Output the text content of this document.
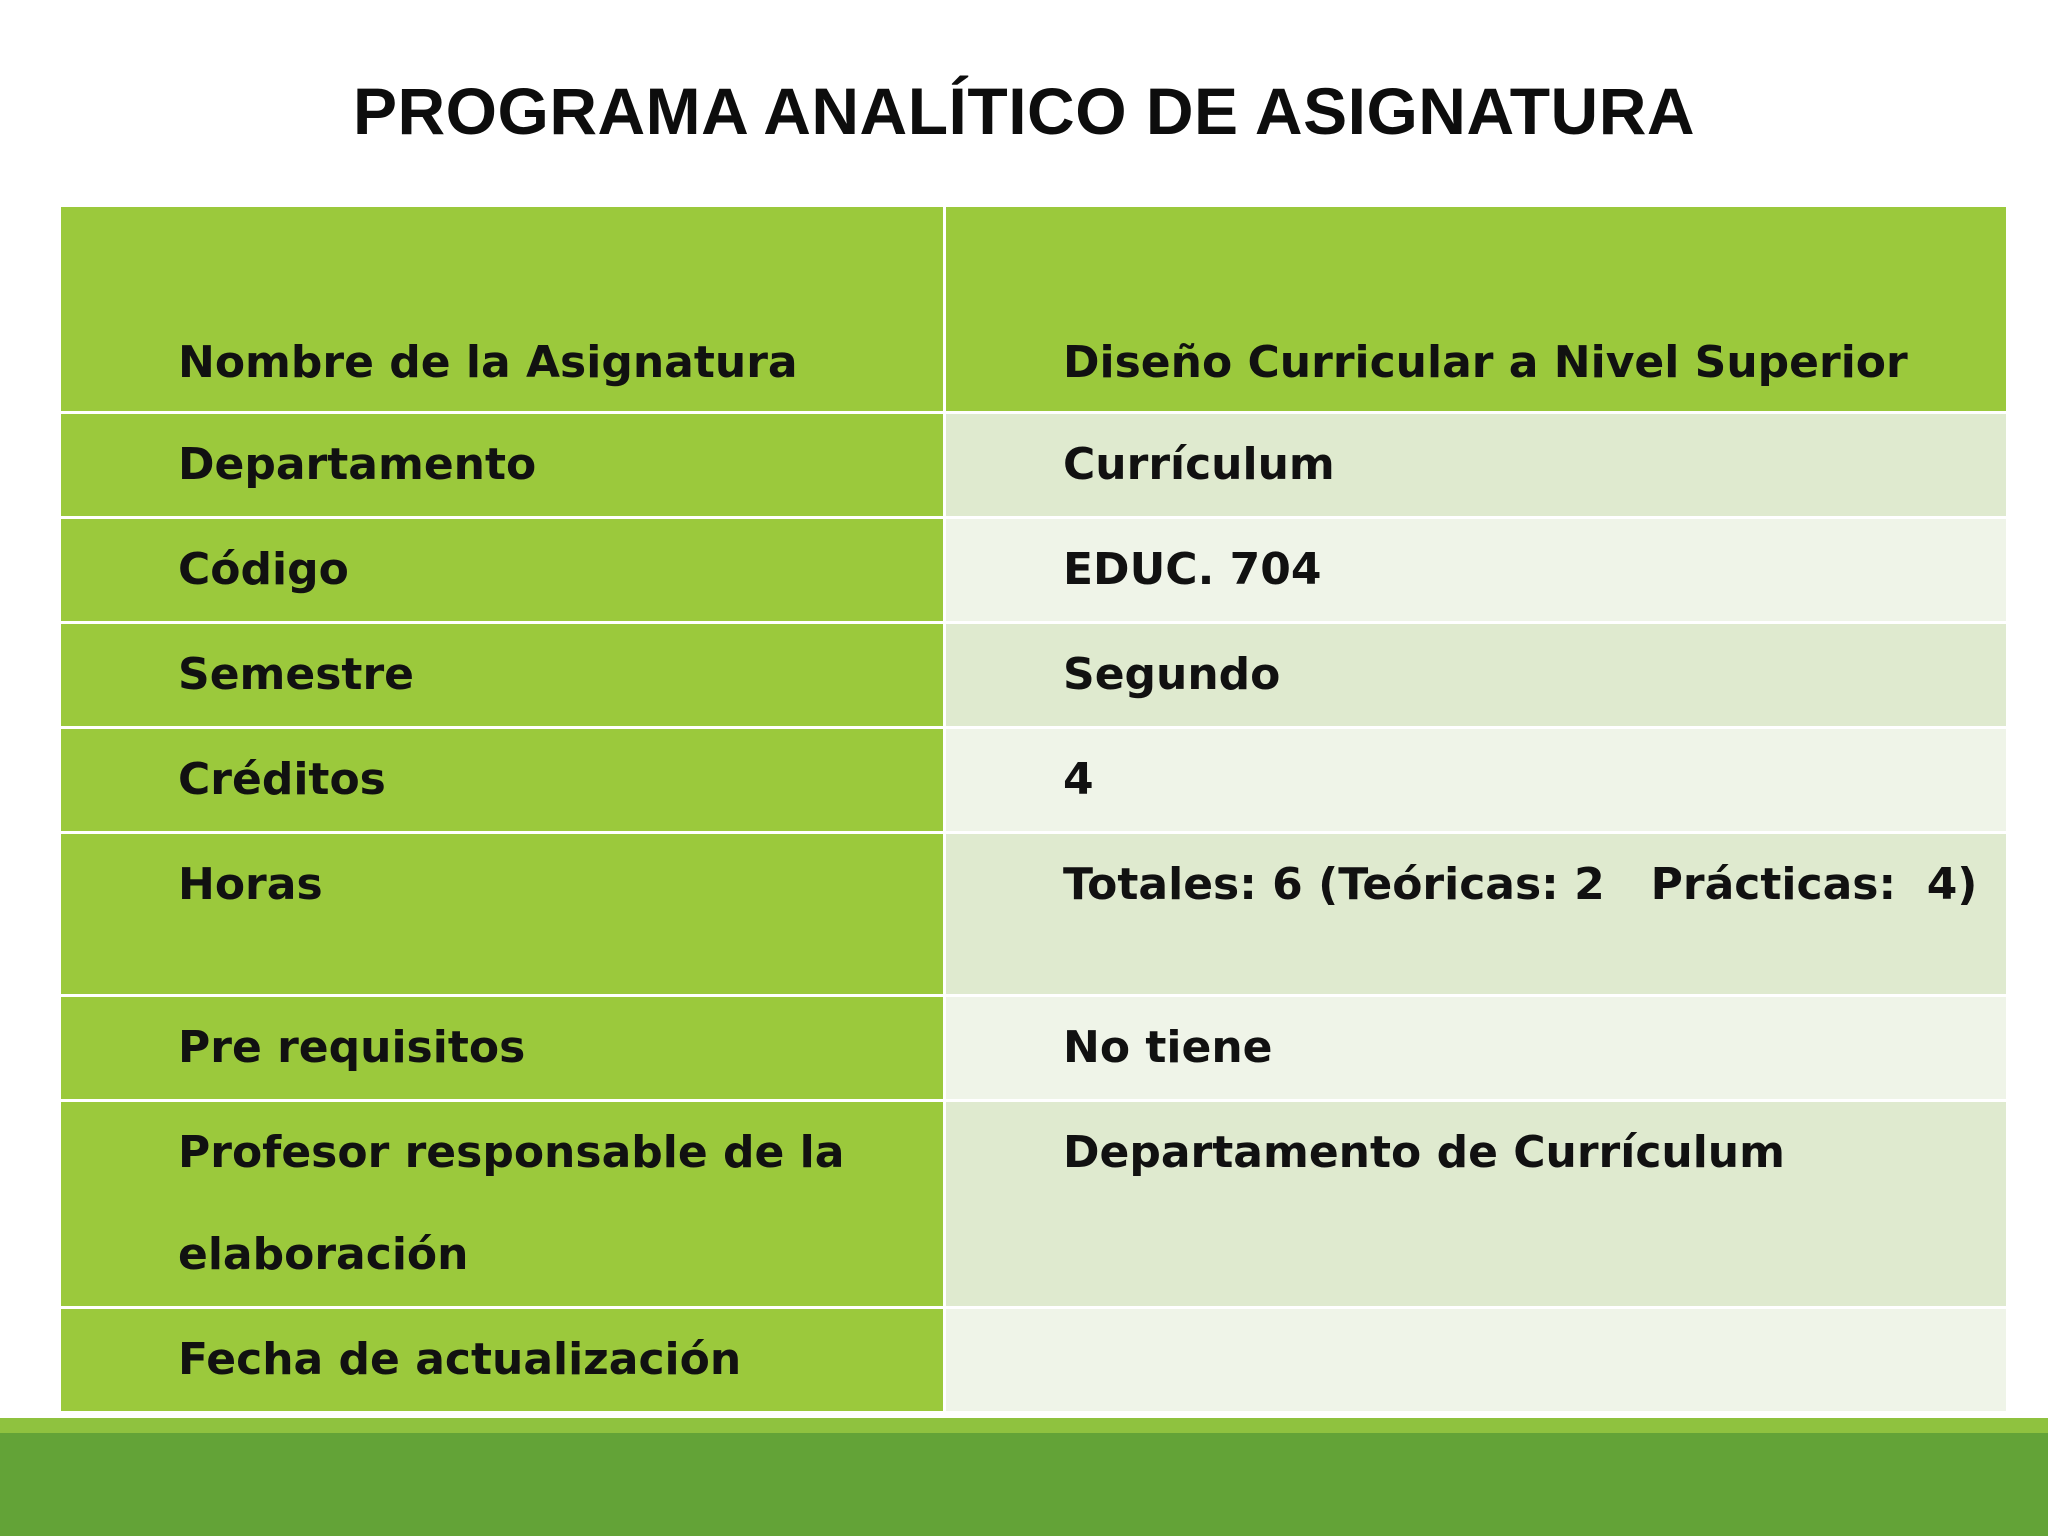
PROGRAMA ANALÍTICO DE ASIGNATURA
Nombre de la Asignatura	Diseño Curricular a Nivel Superior
Departamento	Currículum
Código	EDUC. 704
Semestre	Segundo
Créditos	4
Horas	Totales: 6 (Teóricas: 2   Prácticas:  4)
Pre requisitos	No tiene
Profesor responsable de la elaboración	Departamento de Currículum
Fecha de actualización	
